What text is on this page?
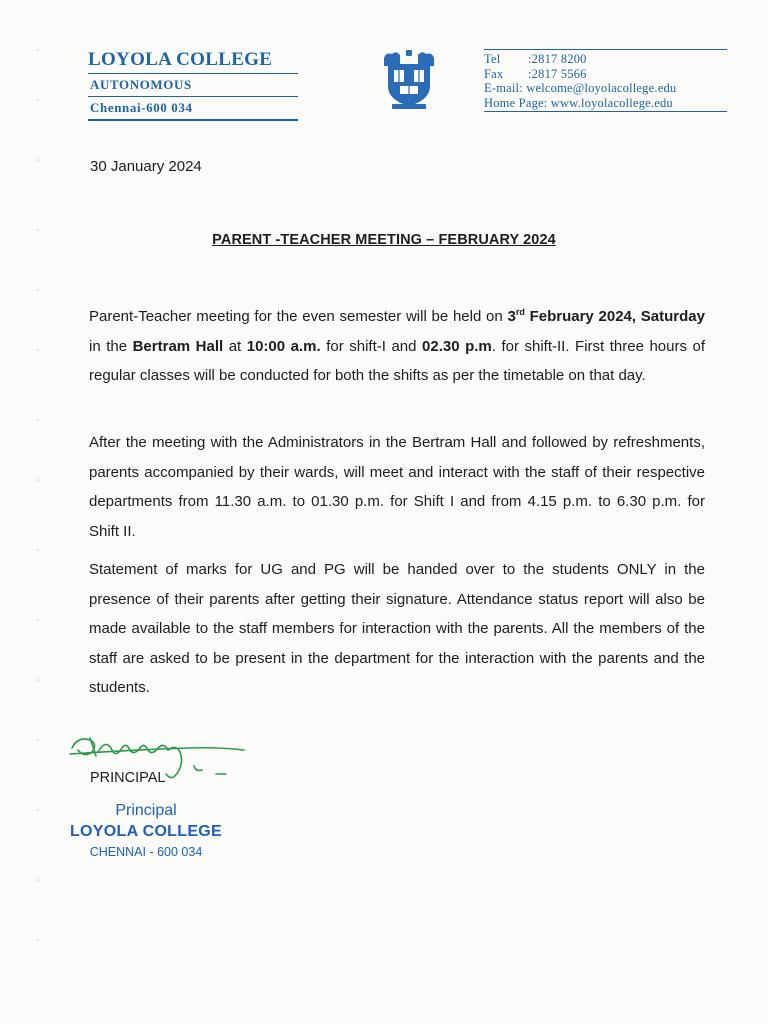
LOYOLA COLLEGE
AUTONOMOUS
Chennai-600 034
Tel	:2817 8200
Fax	:2817 5566
E-mail : welcome@loyolacollege.edu
Home Page : www.loyolacollege.edu
30 January 2024
PARENT -TEACHER MEETING – FEBRUARY 2024
Parent-Teacher meeting for the even semester will be held on 3rd February 2024, Saturday in the Bertram Hall at 10:00 a.m. for shift-I and 02.30 p.m. for shift-II. First three hours of regular classes will be conducted for both the shifts as per the timetable on that day.
After the meeting with the Administrators in the Bertram Hall and followed by refreshments, parents accompanied by their wards, will meet and interact with the staff of their respective departments from 11.30 a.m. to 01.30 p.m. for Shift I and from 4.15 p.m. to 6.30 p.m. for Shift II.
Statement of marks for UG and PG will be handed over to the students ONLY in the presence of their parents after getting their signature. Attendance status report will also be made available to the staff members for interaction with the parents. All the members of the staff are asked to be present in the department for the interaction with the parents and the students.
PRINCIPAL
Principal
LOYOLA COLLEGE
CHENNAI - 600 034
